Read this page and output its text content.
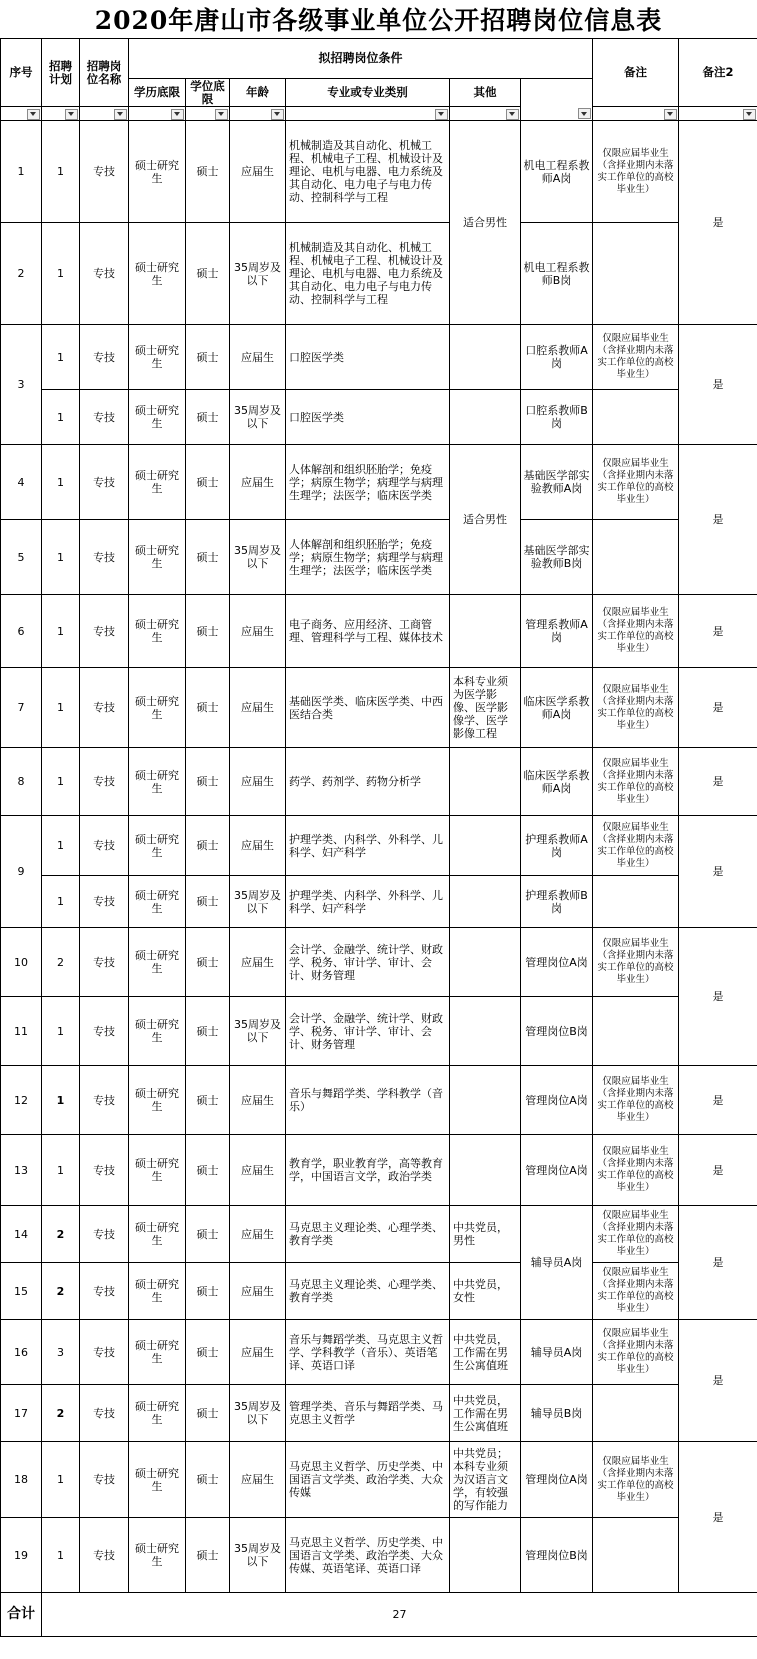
2020年唐山市各级事业单位公开招聘岗位信息表
序号	招聘计划	招聘岗位名称	拟招聘岗位条件						备注	备注2	
			学历底限	学位底限	年龄	专业或专业类别	其他				

1	1	专技	硕士研究生	硕士	应届生	机械制造及其自动化、机械工程、机械电子工程、机械设计及理论、电机与电器、电力系统及其自动化、电力电子与电力传动、控制科学与工程	适合男性	机电工程系教师A岗	仅限应届毕业生（含择业期内未落实工作单位的高校毕业生）	是	
2	1	专技	硕士研究生	硕士	35周岁及以下	机械制造及其自动化、机械工程、机械电子工程、机械设计及理论、电机与电器、电力系统及其自动化、电力电子与电力传动、控制科学与工程		机电工程系教师B岗			
3	1	专技	硕士研究生	硕士	应届生	口腔医学类		口腔系教师A岗	仅限应届毕业生（含择业期内未落实工作单位的高校毕业生）	是	
	1	专技	硕士研究生	硕士	35周岁及以下	口腔医学类		口腔系教师B岗			
4	1	专技	硕士研究生	硕士	应届生	人体解剖和组织胚胎学；免疫学；病原生物学；病理学与病理生理学；法医学；临床医学类	适合男性	基础医学部实验教师A岗	仅限应届毕业生（含择业期内未落实工作单位的高校毕业生）	是	
5	1	专技	硕士研究生	硕士	35周岁及以下	人体解剖和组织胚胎学；免疫学；病原生物学；病理学与病理生理学；法医学；临床医学类		基础医学部实验教师B岗			
6	1	专技	硕士研究生	硕士	应届生	电子商务、应用经济、工商管理、管理科学与工程、媒体技术		管理系教师A岗	仅限应届毕业生（含择业期内未落实工作单位的高校毕业生）	是	
7	1	专技	硕士研究生	硕士	应届生	基础医学类、临床医学类、中西医结合类	本科专业须为医学影像、医学影像学、医学影像工程	临床医学系教师A岗	仅限应届毕业生（含择业期内未落实工作单位的高校毕业生）	是	
8	1	专技	硕士研究生	硕士	应届生	药学、药剂学、药物分析学		临床医学系教师A岗	仅限应届毕业生（含择业期内未落实工作单位的高校毕业生）	是	
9	1	专技	硕士研究生	硕士	应届生	护理学类、内科学、外科学、儿科学、妇产科学		护理系教师A岗	仅限应届毕业生（含择业期内未落实工作单位的高校毕业生）	是	
	1	专技	硕士研究生	硕士	35周岁及以下	护理学类、内科学、外科学、儿科学、妇产科学		护理系教师B岗			
10	2	专技	硕士研究生	硕士	应届生	会计学、金融学、统计学、财政学、税务、审计学、审计、会计、财务管理		管理岗位A岗	仅限应届毕业生（含择业期内未落实工作单位的高校毕业生）	是	
11	1	专技	硕士研究生	硕士	35周岁及以下	会计学、金融学、统计学、财政学、税务、审计学、审计、会计、财务管理		管理岗位B岗			
12	1	专技	硕士研究生	硕士	应届生	音乐与舞蹈学类、学科教学（音乐）		管理岗位A岗	仅限应届毕业生（含择业期内未落实工作单位的高校毕业生）	是	
13	1	专技	硕士研究生	硕士	应届生	教育学，职业教育学，高等教育学，中国语言文学，政治学类		管理岗位A岗	仅限应届毕业生（含择业期内未落实工作单位的高校毕业生）	是	
14	2	专技	硕士研究生	硕士	应届生	马克思主义理论类、心理学类、教育学类	中共党员，男性	辅导员A岗	仅限应届毕业生（含择业期内未落实工作单位的高校毕业生）	是	
15	2	专技	硕士研究生	硕士	应届生	马克思主义理论类、心理学类、教育学类	中共党员，女性		仅限应届毕业生（含择业期内未落实工作单位的高校毕业生）		
16	3	专技	硕士研究生	硕士	应届生	音乐与舞蹈学类、马克思主义哲学、学科教学（音乐）、英语笔译、英语口译	中共党员，工作需在男生公寓值班	辅导员A岗	仅限应届毕业生（含择业期内未落实工作单位的高校毕业生）	是	
17	2	专技	硕士研究生	硕士	35周岁及以下	管理学类、音乐与舞蹈学类、马克思主义哲学	中共党员，工作需在男生公寓值班	辅导员B岗			
18	1	专技	硕士研究生	硕士	应届生	马克思主义哲学、历史学类、中国语言文学类、政治学类、大众传媒	中共党员；本科专业须为汉语言文学，有较强的写作能力	管理岗位A岗	仅限应届毕业生（含择业期内未落实工作单位的高校毕业生）	是	
19	1	专技	硕士研究生	硕士	35周岁及以下	马克思主义哲学、历史学类、中国语言文学类、政治学类、大众传媒、英语笔译、英语口译		管理岗位B岗			
合计	27										
